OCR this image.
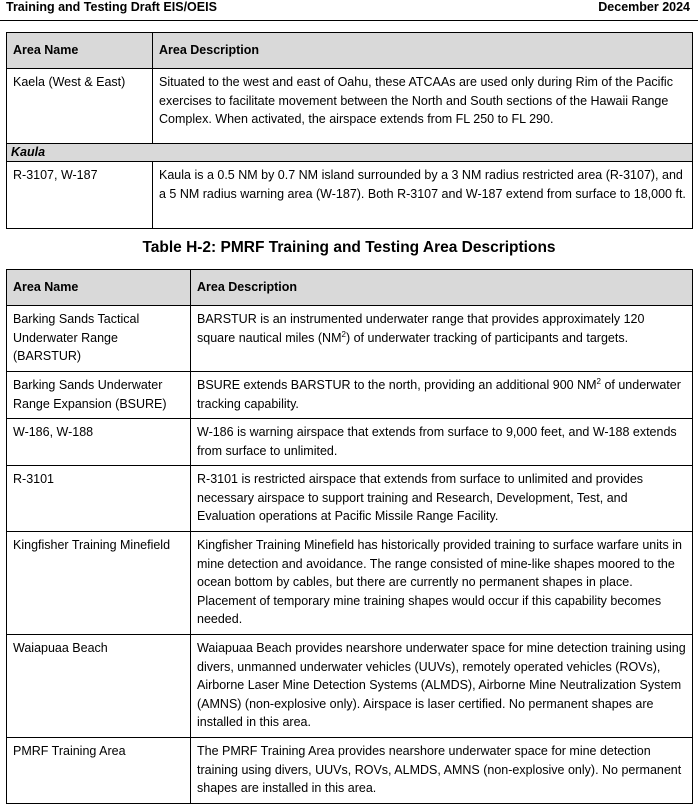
Training and Testing Draft EIS/OEIS	December 2024
Area Name	Area Description
Kaela (West & East)	Situated to the west and east of Oahu, these ATCAAs are used only during Rim of the Pacific exercises to facilitate movement between the North and South sections of the Hawaii Range Complex. When activated, the airspace extends from FL 250 to FL 290.
Kaula	
R-3107, W-187	Kaula is a 0.5 NM by 0.7 NM island surrounded by a 3 NM radius restricted area (R-3107), and a 5 NM radius warning area (W-187). Both R-3107 and W-187 extend from surface to 18,000 ft.
Table H-2: PMRF Training and Testing Area Descriptions
Area Name	Area Description
Barking Sands Tactical Underwater Range (BARSTUR)	BARSTUR is an instrumented underwater range that provides approximately 120 square nautical miles $(NM^2)$ of underwater tracking of participants and targets.
Barking Sands Underwater Range Expansion (BSURE)	BSURE extends BARSTUR to the north, providing an additional 900 $NM^2$ of underwater tracking capability.
W-186, W-188	W-186 is warning airspace that extends from surface to 9,000 feet, and W-188 extends from surface to unlimited.
R-3101	R-3101 is restricted airspace that extends from surface to unlimited and provides necessary airspace to support training and Research, Development, Test, and Evaluation operations at Pacific Missile Range Facility.
Kingfisher Training Minefield	Kingfisher Training Minefield has historically provided training to surface warfare units in mine detection and avoidance. The range consisted of mine-like shapes moored to the ocean bottom by cables, but there are currently no permanent shapes in place. Placement of temporary mine training shapes would occur if this capability becomes needed.
Waiapuaa Beach	Waiapuaa Beach provides nearshore underwater space for mine detection training using divers, unmanned underwater vehicles (UUVs), remotely operated vehicles (ROVs), Airborne Laser Mine Detection Systems (ALMDS), Airborne Mine Neutralization System (AMNS) (non-explosive only). Airspace is laser certified. No permanent shapes are installed in this area.
PMRF Training Area	The PMRF Training Area provides nearshore underwater space for mine detection training using divers, UUVs, ROVs, ALMDS, AMNS (non-explosive only). No permanent shapes are installed in this area.
